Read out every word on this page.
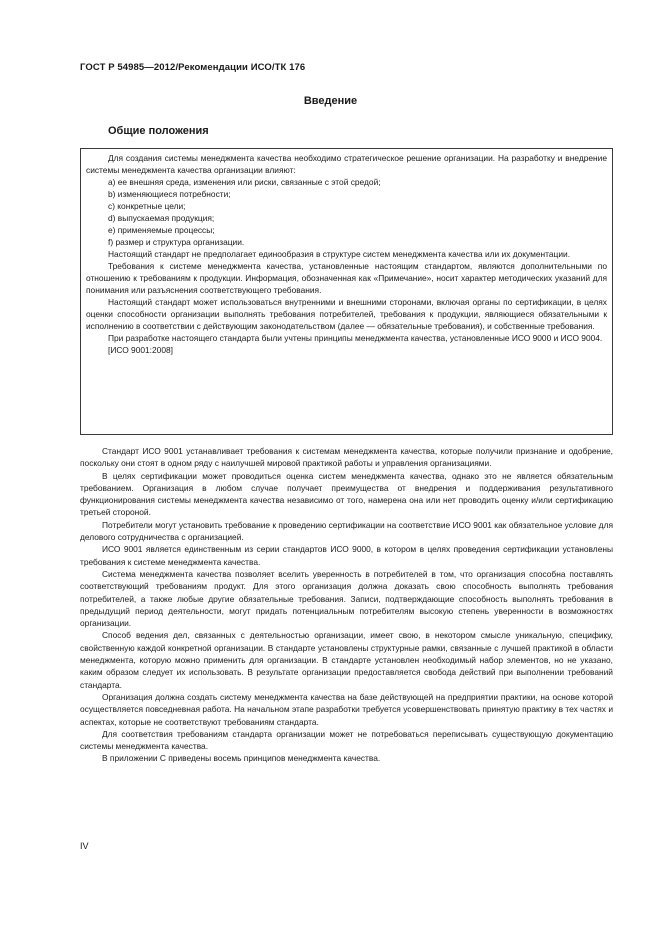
ГОСТ Р 54985—2012/Рекомендации ИСО/ТК 176
Введение
Общие положения

Для создания системы менеджмента качества необходимо стратегическое решение организации. На разработку и внедрение системы менеджмента качества организации влияют:

а) ее внешняя среда, изменения или риски, связанные с этой средой;

b) изменяющиеся потребности;

c) конкретные цели;

d) выпускаемая продукция;

e) применяемые процессы;

f) размер и структура организации.

Настоящий стандарт не предполагает единообразия в структуре систем менеджмента качества или их документации.

Требования к системе менеджмента качества, установленные настоящим стандартом, являются дополнительными по отношению к требованиям к продукции. Информация, обозначенная как «Примечание», носит характер методических указаний для понимания или разъяснения соответствующего требования.

Настоящий стандарт может использоваться внутренними и внешними сторонами, включая органы по сертификации, в целях оценки способности организации выполнять требования потребителей, требования к продукции, являющиеся обязательными к исполнению в соответствии с действующим законодательством (далее — обязательные требования), и собственные требования.

При разработке настоящего стандарта были учтены принципы менеджмента качества, установленные ИСО 9000 и ИСО 9004.

[ИСО 9001:2008]

Стандарт ИСО 9001 устанавливает требования к системам менеджмента качества, которые получили признание и одобрение, поскольку они стоят в одном ряду с наилучшей мировой практикой работы и управления организациями.

В целях сертификации может проводиться оценка систем менеджмента качества, однако это не является обязательным требованием. Организация в любом случае получает преимущества от внедрения и поддерживания результативного функционирования системы менеджмента качества независимо от того, намерена она или нет проводить оценку и/или сертификацию третьей стороной.

Потребители могут установить требование к проведению сертификации на соответствие ИСО 9001 как обязательное условие для делового сотрудничества с организацией.

ИСО 9001 является единственным из серии стандартов ИСО 9000, в котором в целях проведения сертификации установлены требования к системе менеджмента качества.

Система менеджмента качества позволяет вселить уверенность в потребителей в том, что организация способна поставлять соответствующий требованиям продукт. Для этого организация должна доказать свою способность выполнять требования потребителей, а также любые другие обязательные требования. Записи, подтверждающие способность выполнять требования в предыдущий период деятельности, могут придать потенциальным потребителям высокую степень уверенности в возможностях организации.

Способ ведения дел, связанных с деятельностью организации, имеет свою, в некотором смысле уникальную, специфику, свойственную каждой конкретной организации. В стандарте установлены структурные рамки, связанные с лучшей практикой в области менеджмента, которую можно применить для организации. В стандарте установлен необходимый набор элементов, но не указано, каким образом следует их использовать. В результате организации предоставляется свобода действий при выполнении требований стандарта.

Организация должна создать систему менеджмента качества на базе действующей на предприятии практики, на основе которой осуществляется повседневная работа. На начальном этапе разработки требуется усовершенствовать принятую практику в тех частях и аспектах, которые не соответствуют требованиям стандарта.

Для соответствия требованиям стандарта организации может не потребоваться переписывать существующую документацию системы менеджмента качества.

В приложении С приведены восемь принципов менеджмента качества.

IV
